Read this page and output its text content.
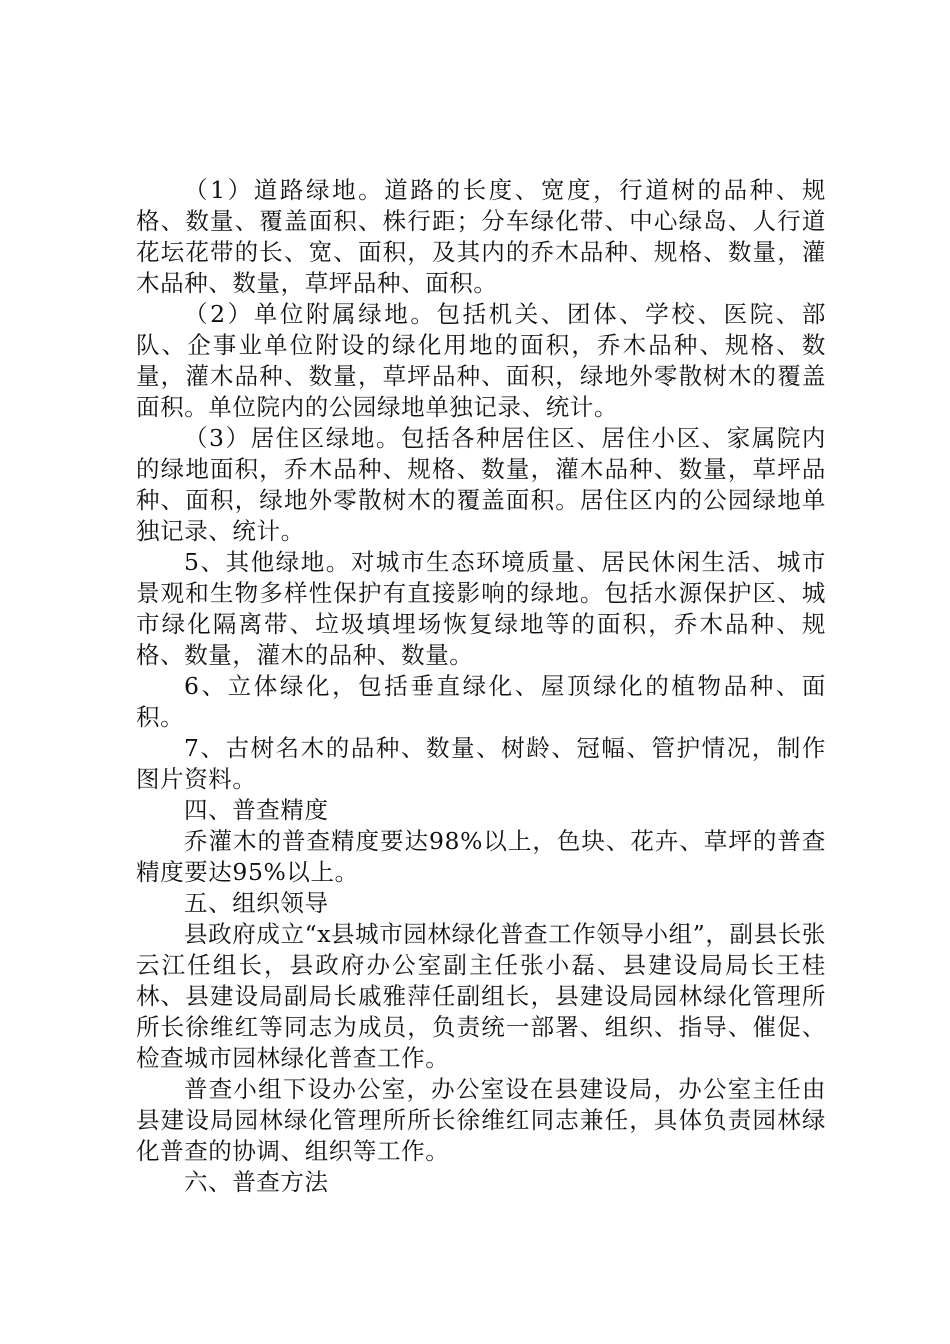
（1）道路绿地。道路的长度、宽度，行道树的品种、规格、数量、覆盖面积、株行距；分车绿化带、中心绿岛、人行道花坛花带的长、宽、面积，及其内的乔木品种、规格、数量，灌木品种、数量，草坪品种、面积。

（2）单位附属绿地。包括机关、团体、学校、医院、部队、企事业单位附设的绿化用地的面积，乔木品种、规格、数量，灌木品种、数量，草坪品种、面积，绿地外零散树木的覆盖面积。单位院内的公园绿地单独记录、统计。

（3）居住区绿地。包括各种居住区、居住小区、家属院内的绿地面积，乔木品种、规格、数量，灌木品种、数量，草坪品种、面积，绿地外零散树木的覆盖面积。居住区内的公园绿地单独记录、统计。

5、其他绿地。对城市生态环境质量、居民休闲生活、城市景观和生物多样性保护有直接影响的绿地。包括水源保护区、城市绿化隔离带、垃圾填埋场恢复绿地等的面积，乔木品种、规格、数量，灌木的品种、数量。

6、立体绿化，包括垂直绿化、屋顶绿化的植物品种、面积。

7、古树名木的品种、数量、树龄、冠幅、管护情况，制作图片资料。

四、普查精度

乔灌木的普查精度要达98%以上，色块、花卉、草坪的普查精度要达95%以上。

五、组织领导

县政府成立“x县城市园林绿化普查工作领导小组”，副县长张云江任组长，县政府办公室副主任张小磊、县建设局局长王桂林、县建设局副局长戚雅萍任副组长，县建设局园林绿化管理所所长徐维红等同志为成员，负责统一部署、组织、指导、催促、检查城市园林绿化普查工作。

普查小组下设办公室，办公室设在县建设局，办公室主任由县建设局园林绿化管理所所长徐维红同志兼任，具体负责园林绿化普查的协调、组织等工作。

六、普查方法
